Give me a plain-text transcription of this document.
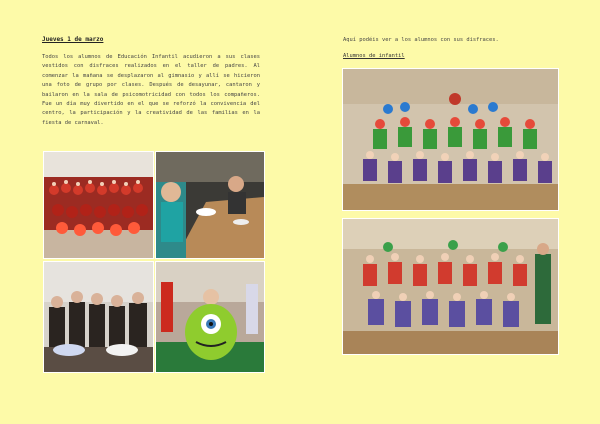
Jueves 1 de marzo
Todos los alumnos de Educación Infantil acudieron a sus clases vestidos con disfraces realizados en el taller de padres. Al comenzar la mañana se desplazaron al gimnasio y allí se hicieron una foto de grupo por clases. Después de desayunar, cantaron y bailaron en la sala de psicomotricidad con todos los compañeros. Fue un día muy divertido en el que se reforzó la convivencia del centro, la participación y la creatividad de las familias en la fiesta de carnaval.
Aquí podéis ver a los alumnos con sus disfraces.
Alumnos de infantil
